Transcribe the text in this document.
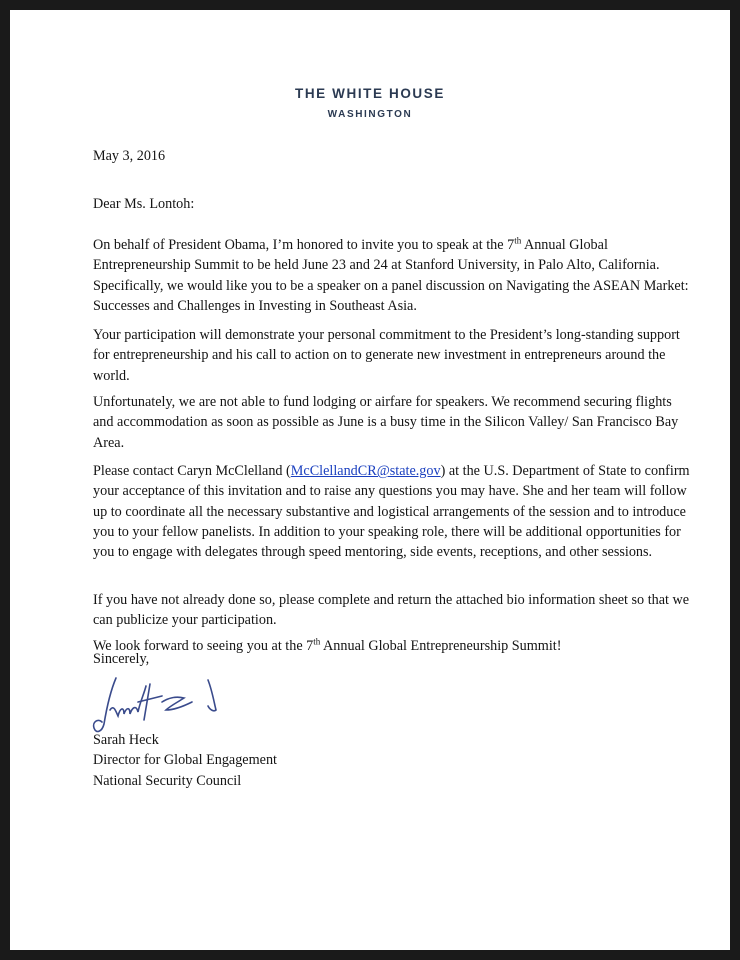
THE WHITE HOUSE
WASHINGTON
May 3, 2016
Dear Ms. Lontoh:

On behalf of President Obama, I’m honored to invite you to speak at the 7th Annual Global Entrepreneurship Summit to be held June 23 and 24 at Stanford University, in Palo Alto, California. Specifically, we would like you to be a speaker on a panel discussion on Navigating the ASEAN Market: Successes and Challenges in Investing in Southeast Asia.

Your participation will demonstrate your personal commitment to the President’s long-standing support for entrepreneurship and his call to action on to generate new investment in entrepreneurs around the world.

Unfortunately, we are not able to fund lodging or airfare for speakers. We recommend securing flights and accommodation as soon as possible as June is a busy time in the Silicon Valley/ San Francisco Bay Area.

Please contact Caryn McClelland (McClellandCR@state.gov) at the U.S. Department of State to confirm your acceptance of this invitation and to raise any questions you may have. She and her team will follow up to coordinate all the necessary substantive and logistical arrangements of the session and to introduce you to your fellow panelists. In addition to your speaking role, there will be additional opportunities for you to engage with delegates through speed mentoring, side events, receptions, and other sessions.

If you have not already done so, please complete and return the attached bio information sheet so that we can publicize your participation.

We look forward to seeing you at the 7th Annual Global Entrepreneurship Summit!

Sincerely,
Sarah Heck
Director for Global Engagement
National Security Council
